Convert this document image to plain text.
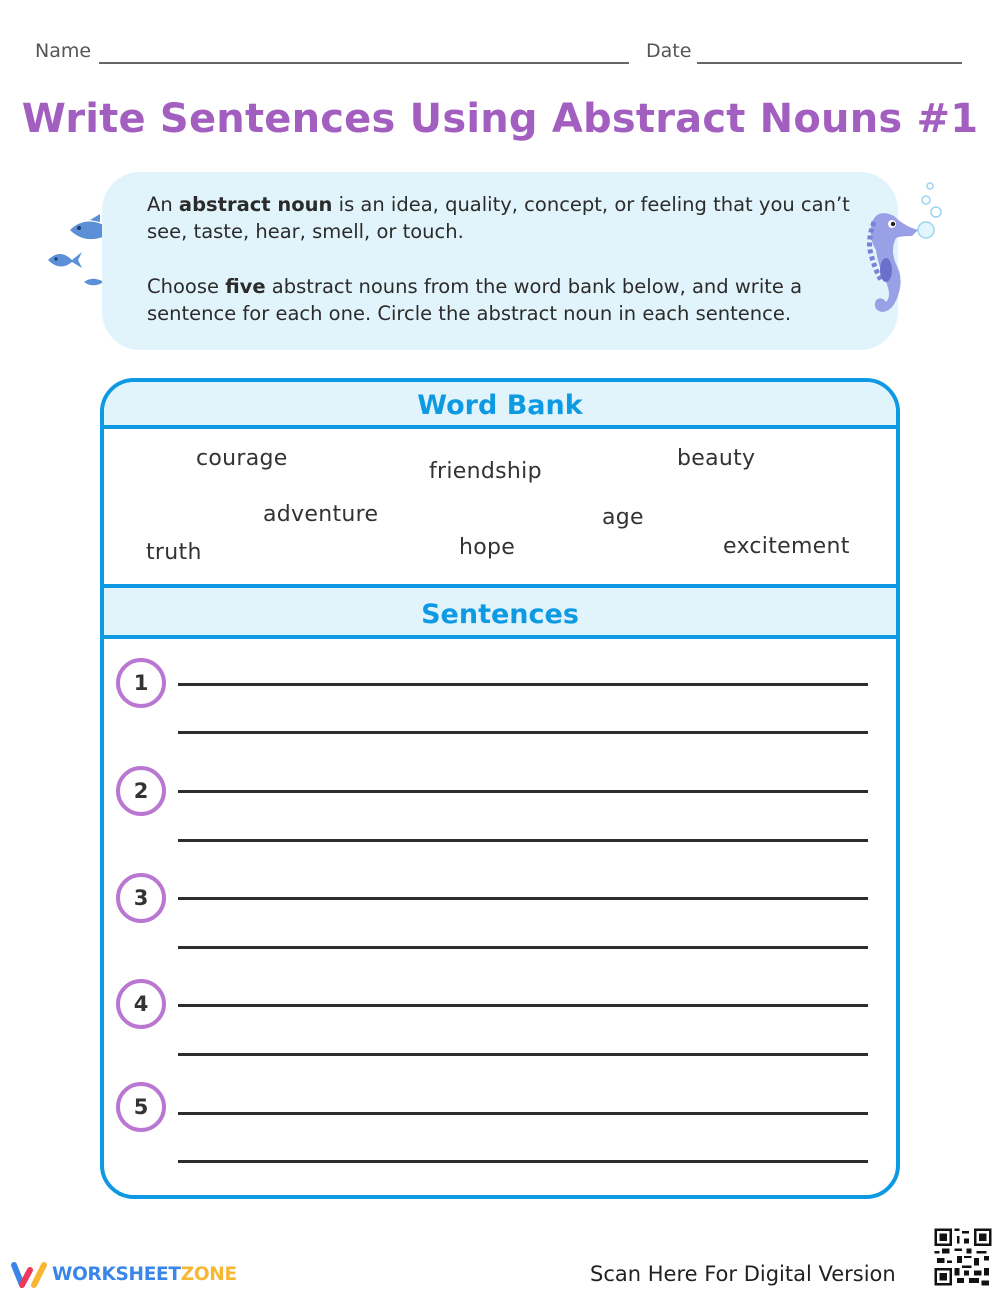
Name	Date
Write Sentences Using Abstract Nouns #1

An abstract noun is an idea, quality, concept, or feeling that you can’t see, taste, hear, smell, or touch.

Choose five abstract nouns from the word bank below, and write a sentence for each one. Circle the abstract noun in each sentence.

Word Bank
courage
friendship
beauty
adventure	age
truth	hope	excitement
Sentences
1
2
3
4
5
WORKSHEETZONE	Scan Here For Digital Version
